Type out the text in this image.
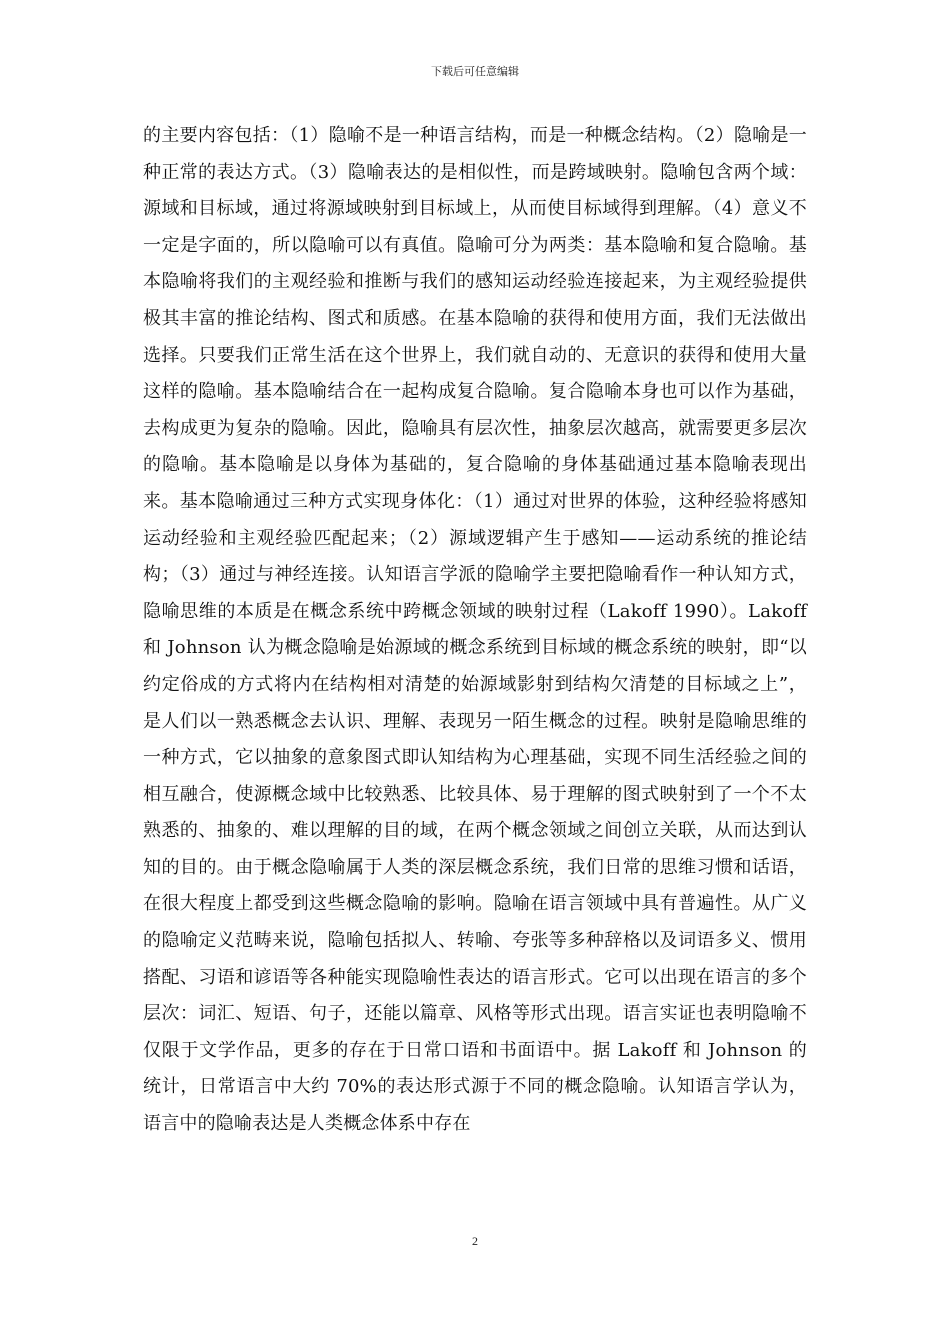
下载后可任意编辑

的主要内容包括：（1）隐喻不是一种语言结构，而是一种概念结构。（2）隐喻是一种正常的表达方式。（3）隐喻表达的是相似性，而是跨域映射。隐喻包含两个域：源域和目标域，通过将源域映射到目标域上，从而使目标域得到理解。（4）意义不一定是字面的，所以隐喻可以有真值。隐喻可分为两类：基本隐喻和复合隐喻。基本隐喻将我们的主观经验和推断与我们的感知运动经验连接起来，为主观经验提供极其丰富的推论结构、图式和质感。在基本隐喻的获得和使用方面，我们无法做出选择。只要我们正常生活在这个世界上，我们就自动的、无意识的获得和使用大量这样的隐喻。基本隐喻结合在一起构成复合隐喻。复合隐喻本身也可以作为基础，去构成更为复杂的隐喻。因此，隐喻具有层次性，抽象层次越高，就需要更多层次的隐喻。基本隐喻是以身体为基础的，复合隐喻的身体基础通过基本隐喻表现出来。基本隐喻通过三种方式实现身体化：（1）通过对世界的体验，这种经验将感知运动经验和主观经验匹配起来；（2）源域逻辑产生于感知——运动系统的推论结构；（3）通过与神经连接。认知语言学派的隐喻学主要把隐喻看作一种认知方式，隐喻思维的本质是在概念系统中跨概念领域的映射过程（Lakoff 1990）。Lakoff 和 Johnson 认为概念隐喻是始源域的概念系统到目标域的概念系统的映射，即“以约定俗成的方式将内在结构相对清楚的始源域影射到结构欠清楚的目标域之上”，是人们以一熟悉概念去认识、理解、表现另一陌生概念的过程。映射是隐喻思维的一种方式，它以抽象的意象图式即认知结构为心理基础，实现不同生活经验之间的相互融合，使源概念域中比较熟悉、比较具体、易于理解的图式映射到了一个不太熟悉的、抽象的、难以理解的目的域，在两个概念领域之间创立关联，从而达到认知的目的。由于概念隐喻属于人类的深层概念系统，我们日常的思维习惯和话语，在很大程度上都受到这些概念隐喻的影响。隐喻在语言领域中具有普遍性。从广义的隐喻定义范畴来说，隐喻包括拟人、转喻、夸张等多种辞格以及词语多义、惯用搭配、习语和谚语等各种能实现隐喻性表达的语言形式。它可以出现在语言的多个层次：词汇、短语、句子，还能以篇章、风格等形式出现。语言实证也表明隐喻不仅限于文学作品，更多的存在于日常口语和书面语中。据 Lakoff 和 Johnson 的统计，日常语言中大约 70%的表达形式源于不同的概念隐喻。认知语言学认为，语言中的隐喻表达是人类概念体系中存在

2
